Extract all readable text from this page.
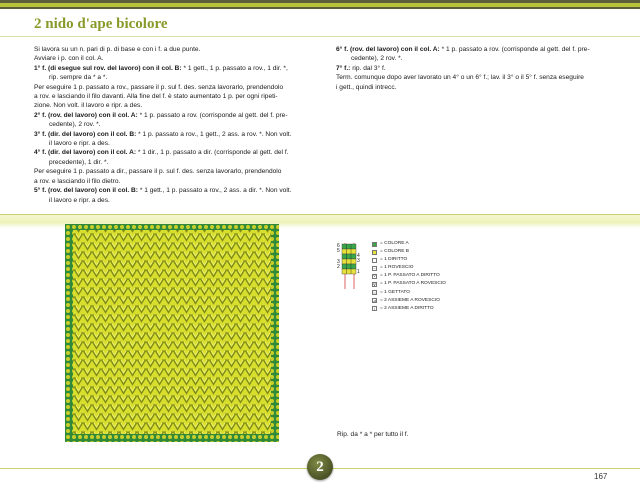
2 nido d'ape bicolore

Si lavora su un n. pari di p. di base e con i f. a due punte.

Avviare i p. con il col. A.

1° f. (di esegue sul rov. del lavoro) con il col. B: * 1 gett., 1 p. passato a rov., 1 dir. *,

rip. sempre da * a *.

Per eseguire 1 p. passato a rov., passare il p. sul f. des. senza lavorarlo, prendendolo

a rov. e lasciando il filo davanti. Alla fine del f. è stato aumentato 1 p. per ogni ripeti-

zione. Non volt. il lavoro e ripr. a des.

2° f. (rov. del lavoro) con il col. A: * 1 p. passato a rov. (corrisponde al gett. del f. pre-

cedente), 2 rov. *.

3° f. (dir. del lavoro) con il col. B: * 1 p. passato a rov., 1 gett., 2 ass. a rov. *. Non volt.

il lavoro e ripr. a des.

4° f. (dir. del lavoro) con il col. A: * 1 dir., 1 p. passato a dir. (corrisponde al gett. del f.

precedente), 1 dir. *.

Per eseguire 1 p. passato a dir., passare il p. sul f. des. senza lavorarlo, prendendolo

a rov. e lasciando il filo dietro.

5° f. (rov. del lavoro) con il col. B: * 1 gett., 1 p. passato a rov., 2 ass. a dir. *. Non volt.

il lavoro e ripr. a des.

6° f. (rov. del lavoro) con il col. A: * 1 p. passato a rov. (corrisponde al gett. del f. pre-

cedente), 2 rov. *.

7° f.: rip. dal 3° f.

Term. comunque dopo aver lavorato un 4° o un 6° f.; lav. il 3° o il 5° f. senza eseguire

i gett., quindi intrecc.

6
5
3
2
4
3
1
= COLORE A
= COLORE B
= 1 DIRITTO
– = 1 ROVESCIO
V = 1 P. PASSATO A DIRITTO
∀ = 1 P. PASSATO A ROVESCIO
○ = 1 GETTATO
⊿ = 2 ASSIEME A ROVESCIO
/	= 2 ASSIEME A DIRITTO
Rip. da * a * per tutto il f.
2
167
